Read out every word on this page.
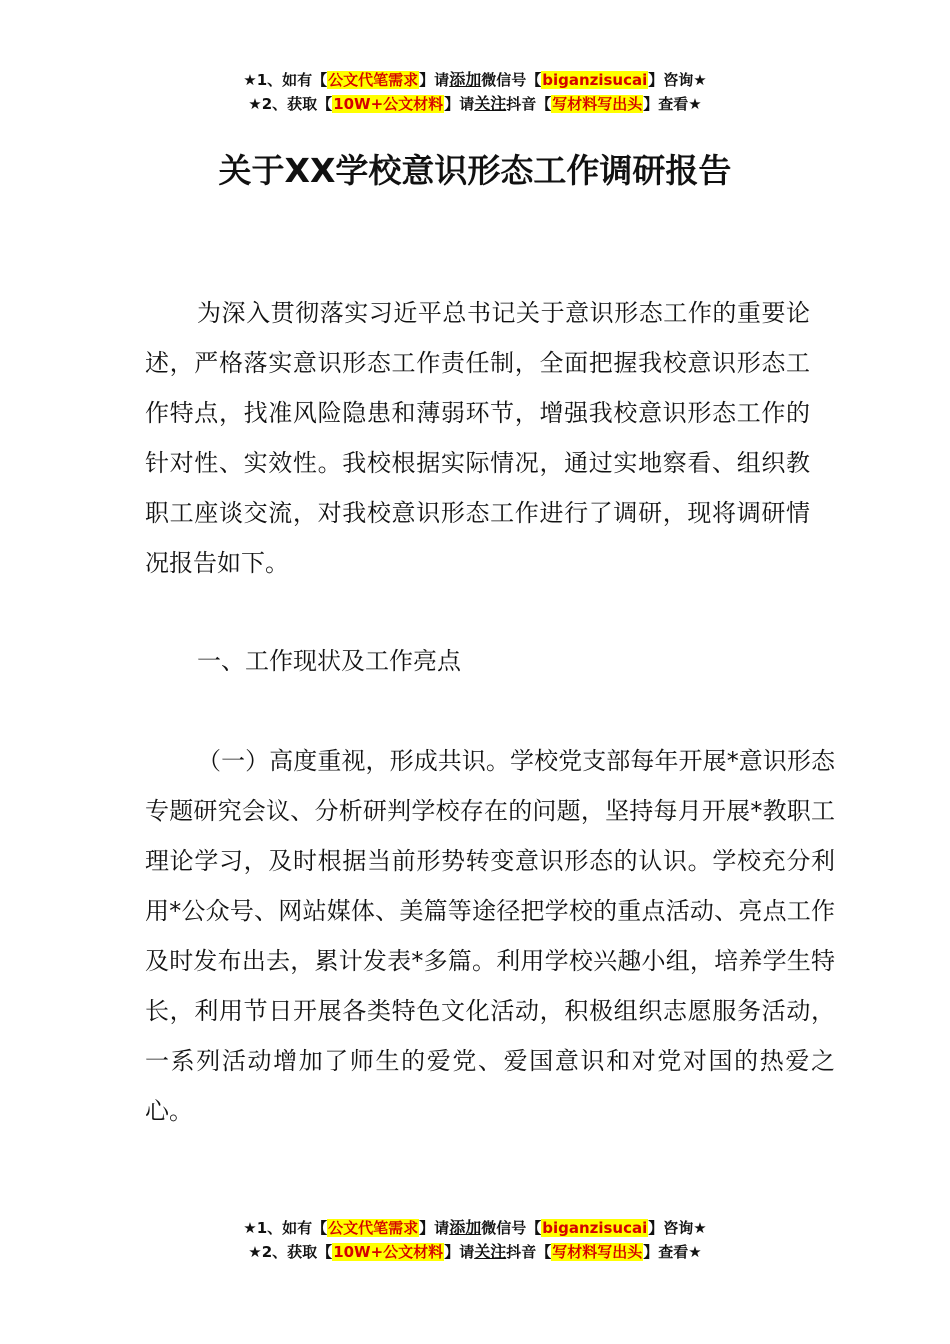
★1、如有【公文代笔需求】请添加微信号【biganzisucai】咨询★
★2、获取【10W+公文材料】请关注抖音【写材料写出头】查看★
关于XX学校意识形态工作调研报告

为深入贯彻落实习近平总书记关于意识形态工作的重要论述，严格落实意识形态工作责任制，全面把握我校意识形态工作特点，找准风险隐患和薄弱环节，增强我校意识形态工作的针对性、实效性。我校根据实际情况，通过实地察看、组织教职工座谈交流，对我校意识形态工作进行了调研，现将调研情况报告如下。

一、工作现状及工作亮点

（一）高度重视，形成共识。学校党支部每年开展*意识形态专题研究会议、分析研判学校存在的问题，坚持每月开展*教职工理论学习，及时根据当前形势转变意识形态的认识。学校充分利用*公众号、网站媒体、美篇等途径把学校的重点活动、亮点工作及时发布出去，累计发表*多篇。利用学校兴趣小组，培养学生特长，利用节日开展各类特色文化活动，积极组织志愿服务活动，一系列活动增加了师生的爱党、爱国意识和对党对国的热爱之心。

★1、如有【公文代笔需求】请添加微信号【biganzisucai】咨询★
★2、获取【10W+公文材料】请关注抖音【写材料写出头】查看★
